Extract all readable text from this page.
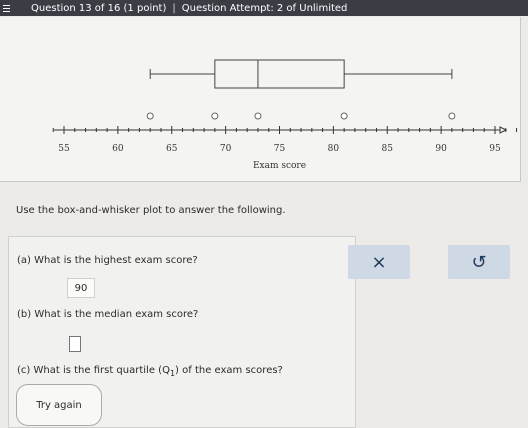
Question 13 of 16 (1 point) | Question Attempt: 2 of Unlimited
55	60	65	70	75	80	85	90	95
Exam score
Use the box-and-whisker plot to answer the following.
(a) What is the highest exam score?
(b) What is the median exam score?
(c) What is the first quartile $(Q_1)$ of the exam scores?
90
Try again
×	↺
